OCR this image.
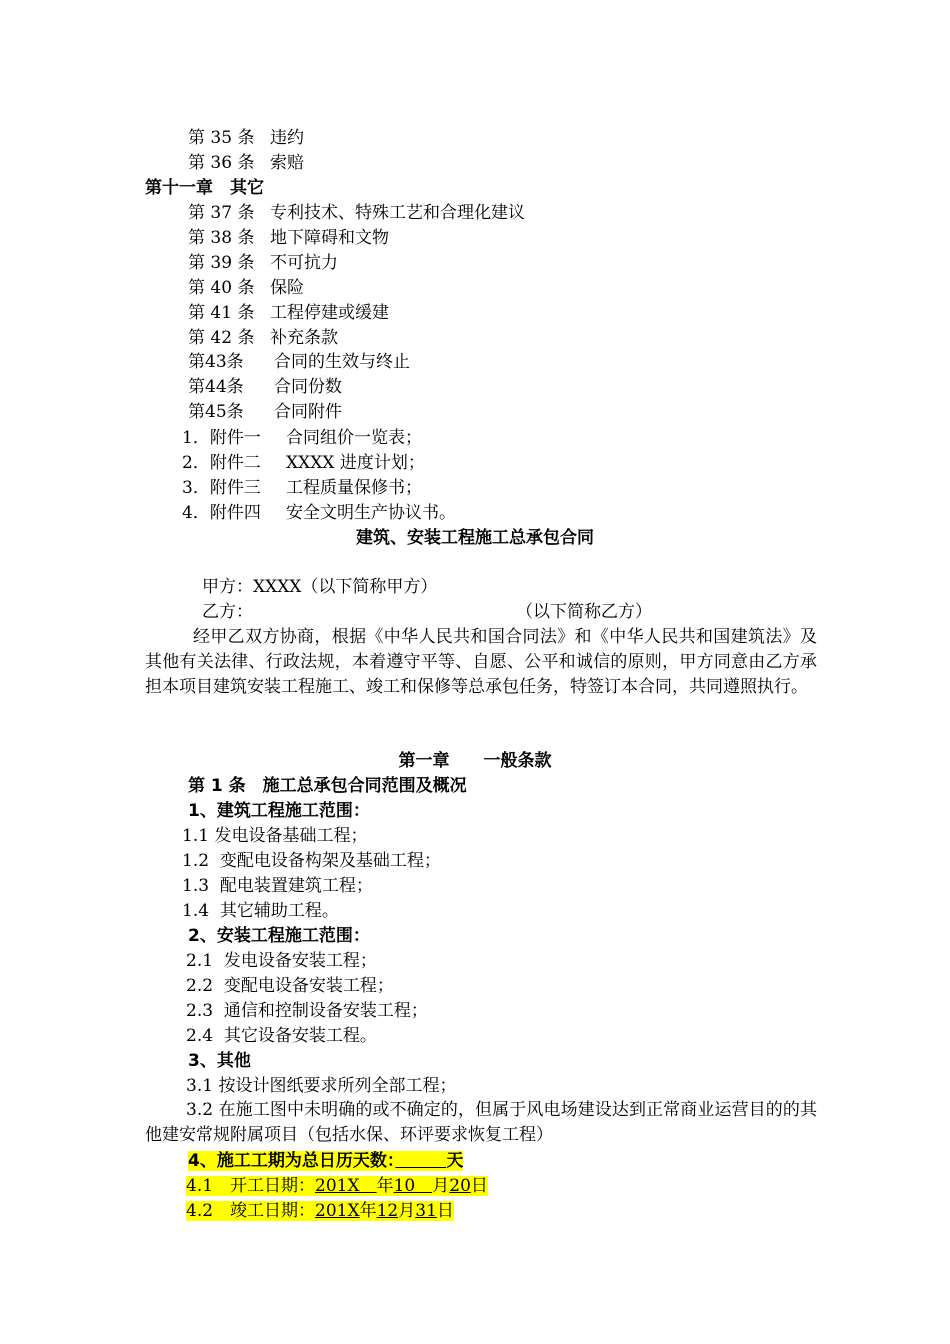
第 35 条 违约
第 36 条 索赔
第十一章　其它
第 37 条 专利技术、特殊工艺和合理化建议
第 38 条 地下障碍和文物
第 39 条 不可抗力
第 40 条 保险
第 41 条 工程停建或缓建
第 42 条 补充条款
第43条 合同的生效与终止
第44条 合同份数
第45条 合同附件
1．附件一 合同组价一览表；
2．附件二 XXXX 进度计划；
3．附件三 工程质量保修书；
4．附件四 安全文明生产协议书。
建筑、安装工程施工总承包合同
甲方：XXXX（以下简称甲方）
乙方：	（以下简称乙方）
经甲乙双方协商，根据《中华人民共和国合同法》和《中华人民共和国建筑法》及其他有关法律、行政法规，本着遵守平等、自愿、公平和诚信的原则，甲方同意由乙方承担本项目建筑安装工程施工、竣工和保修等总承包任务，特签订本合同，共同遵照执行。
第一章　　一般条款
第 1 条　施工总承包合同范围及概况
1、建筑工程施工范围：
1.1 发电设备基础工程；
1.2  变配电设备构架及基础工程；
1.3  配电装置建筑工程；
1.4  其它辅助工程。
2、安装工程施工范围：
2.1  发电设备安装工程；
2.2  变配电设备安装工程；
2.3  通信和控制设备安装工程；
2.4  其它设备安装工程。
3、其他
3.1 按设计图纸要求所列全部工程；
3.2 在施工图中未明确的或不确定的，但属于风电场建设达到正常商业运营目的的其他建安常规附属项目（包括水保、环评要求恢复工程）
4、施工工期为总日历天数：　　　	天
4.1　开工日期：201X　年10　月20日
4.2　竣工日期：201X年12月31日
